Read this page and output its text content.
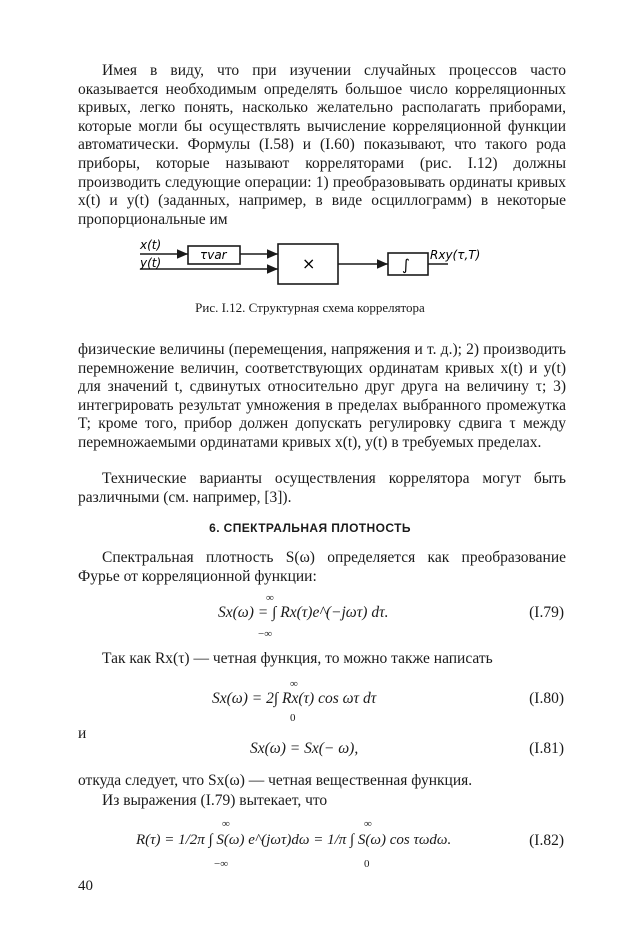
Имея в виду, что при изучении случайных процессов часто оказывается необходимым определять большое число корреляционных кривых, легко понять, насколько желательно располагать приборами, которые могли бы осуществлять вычисление корреляционной функции автоматически. Формулы (I.58) и (I.60) показывают, что такого рода приборы, которые называют корреляторами (рис. I.12) должны производить следующие операции: 1) преобразовывать ординаты кривых x(t) и y(t) (заданных, например, в виде осциллограмм) в некоторые пропорциональные им
x(t)
y(t)
τvar	×	∫
Rxy(τ,T)
Рис. I.12. Структурная схема коррелятора
физические величины (перемещения, напряжения и т. д.); 2) производить перемножение величин, соответствующих ординатам кривых x(t) и y(t) для значений t, сдвинутых относительно друг друга на величину τ; 3) интегрировать результат умножения в пределах выбранного промежутка T; кроме того, прибор должен допускать регулировку сдвига τ между перемножаемыми ординатами кривых x(t), y(t) в требуемых пределах.
Технические варианты осуществления коррелятора могут быть различными (см. например, [3]).
6. СПЕКТРАЛЬНАЯ ПЛОТНОСТЬ
Спектральная плотность S(ω) определяется как преобразование Фурье от корреляционной функции:
∞
Sx(ω) = ∫ Rx(τ)e^(−jωτ) dτ.
−∞
(I.79)
Так как Rx(τ) — четная функция, то можно также написать
∞
Sx(ω) = 2∫ Rx(τ) cos ωτ dτ
0
(I.80)
и
Sx(ω) = Sx(− ω),	(I.81)
откуда следует, что Sx(ω) — четная вещественная функция.
Из выражения (I.79) вытекает, что
∞	∞
R(τ) = 1/2π ∫ S(ω) e^(jωτ)dω = 1/π ∫ S(ω) cos τωdω.
−∞	0
(I.82)
40
